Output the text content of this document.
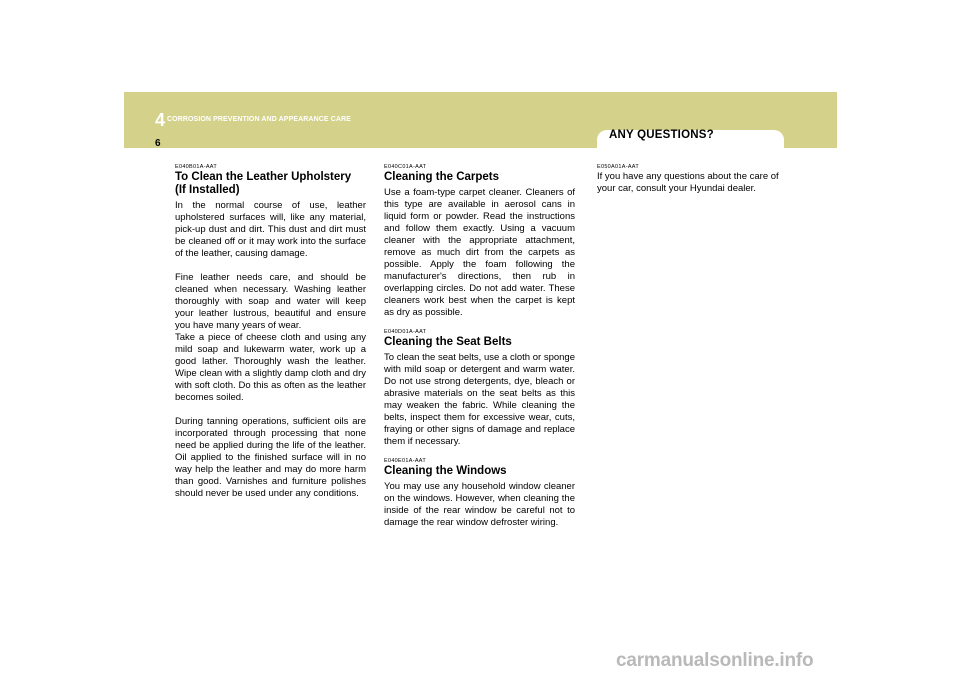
4 CORROSION PREVENTION AND APPEARANCE CARE
6
ANY QUESTIONS?

E040B01A-AAT

To Clean the Leather Upholstery
(If Installed)

In the normal course of use, leather upholstered surfaces will, like any material, pick-up dust and dirt. This dust and dirt must be cleaned off or it may work into the surface of the leather, causing damage.

Fine leather needs care, and should be cleaned when necessary. Washing leather thoroughly with soap and water will keep your leather lustrous, beautiful and ensure you have many years of wear.

Take a piece of cheese cloth and using any mild soap and lukewarm water, work up a good lather. Thoroughly wash the leather. Wipe clean with a slightly damp cloth and dry with soft cloth. Do this as often as the leather becomes soiled.

During tanning operations, sufficient oils are incorporated through processing that none need be applied during the life of the leather. Oil applied to the finished surface will in no way help the leather and may do more harm than good. Varnishes and furniture polishes should never be used under any conditions.

E040C01A-AAT

Cleaning the Carpets

Use a foam-type carpet cleaner. Cleaners of this type are available in aerosol cans in liquid form or powder. Read the instructions and follow them exactly. Using a vacuum cleaner with the appropriate attachment, remove as much dirt from the carpets as possible. Apply the foam following the manufacturer's directions, then rub in overlapping circles. Do not add water. These cleaners work best when the carpet is kept as dry as possible.

E040D01A-AAT

Cleaning the Seat Belts

To clean the seat belts, use a cloth or sponge with mild soap or detergent and warm water. Do not use strong detergents, dye, bleach or abrasive materials on the seat belts as this may weaken the fabric. While cleaning the belts, inspect them for excessive wear, cuts, fraying or other signs of damage and replace them if necessary.

E040E01A-AAT

Cleaning the Windows

You may use any household window cleaner on the windows. However, when cleaning the inside of the rear window be careful not to damage the rear window defroster wiring.

E050A01A-AAT

If you have any questions about the care of your car, consult your Hyundai dealer.

carmanualsonline.info
